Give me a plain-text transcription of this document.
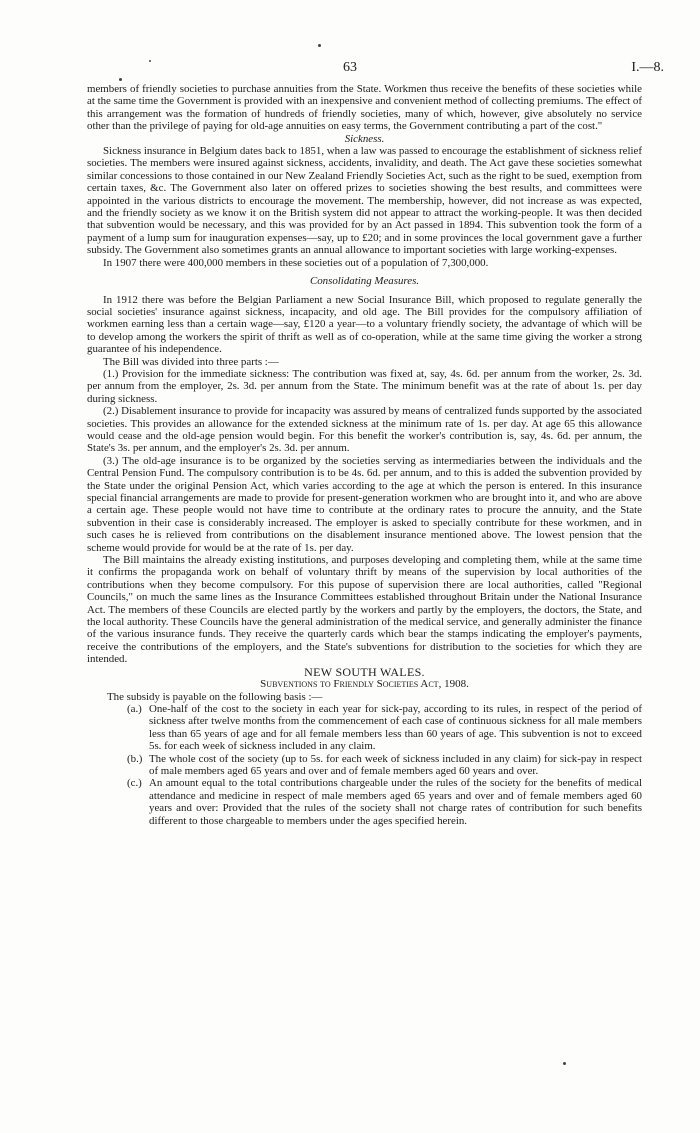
63	I.—8.

members of friendly societies to purchase annuities from the State. Workmen thus receive the benefits of these societies while at the same time the Government is provided with an inexpensive and convenient method of collecting premiums. The effect of this arrangement was the formation of hundreds of friendly societies, many of which, however, give absolutely no service other than the privilege of paying for old-age annuities on easy terms, the Government contributing a part of the cost."

Sickness.

Sickness insurance in Belgium dates back to 1851, when a law was passed to encourage the establishment of sickness relief societies. The members were insured against sickness, accidents, invalidity, and death. The Act gave these societies somewhat similar concessions to those contained in our New Zealand Friendly Societies Act, such as the right to be sued, exemption from certain taxes, &c. The Government also later on offered prizes to societies showing the best results, and committees were appointed in the various districts to encourage the movement. The membership, however, did not increase as was expected, and the friendly society as we know it on the British system did not appear to attract the working-people. It was then decided that subvention would be necessary, and this was provided for by an Act passed in 1894. This subvention took the form of a payment of a lump sum for inauguration expenses—say, up to £20; and in some provinces the local government gave a further subsidy. The Government also sometimes grants an annual allowance to important societies with large working-expenses.

In 1907 there were 400,000 members in these societies out of a population of 7,300,000.

Consolidating Measures.

In 1912 there was before the Belgian Parliament a new Social Insurance Bill, which proposed to regulate generally the social societies' insurance against sickness, incapacity, and old age. The Bill provides for the compulsory affiliation of workmen earning less than a certain wage—say, £120 a year—to a voluntary friendly society, the advantage of which will be to develop among the workers the spirit of thrift as well as of co-operation, while at the same time giving the worker a strong guarantee of his independence.

The Bill was divided into three parts :—

(1.) Provision for the immediate sickness: The contribution was fixed at, say, 4s. 6d. per annum from the worker, 2s. 3d. per annum from the employer, 2s. 3d. per annum from the State. The minimum benefit was at the rate of about 1s. per day during sickness.

(2.) Disablement insurance to provide for incapacity was assured by means of centralized funds supported by the associated societies. This provides an allowance for the extended sickness at the minimum rate of 1s. per day. At age 65 this allowance would cease and the old-age pension would begin. For this benefit the worker's contribution is, say, 4s. 6d. per annum, the State's 3s. per annum, and the employer's 2s. 3d. per annum.

(3.) The old-age insurance is to be organized by the societies serving as intermediaries between the individuals and the Central Pension Fund. The compulsory contribution is to be 4s. 6d. per annum, and to this is added the subvention provided by the State under the original Pension Act, which varies according to the age at which the person is entered. In this insurance special financial arrangements are made to provide for present-generation workmen who are brought into it, and who are above a certain age. These people would not have time to contribute at the ordinary rates to procure the annuity, and the State subvention in their case is considerably increased. The employer is asked to specially contribute for these workmen, and in such cases he is relieved from contributions on the disablement insurance mentioned above. The lowest pension that the scheme would provide for would be at the rate of 1s. per day.

The Bill maintains the already existing institutions, and purposes developing and completing them, while at the same time it confirms the propaganda work on behalf of voluntary thrift by means of the supervision by local authorities of the contributions when they become compulsory. For this pupose of supervision there are local authorities, called "Regional Councils," on much the same lines as the Insurance Committees established throughout Britain under the National Insurance Act. The members of these Councils are elected partly by the workers and partly by the employers, the doctors, the State, and the local authority. These Councils have the general administration of the medical service, and generally administer the finance of the various insurance funds. They receive the quarterly cards which bear the stamps indicating the employer's payments, receive the contributions of the employers, and the State's subventions for distribution to the societies for which they are intended.

NEW SOUTH WALES.

Subventions to Friendly Societies Act, 1908.

The subsidy is payable on the following basis :—

(a.) One-half of the cost to the society in each year for sick-pay, according to its rules, in respect of the period of sickness after twelve months from the commencement of each case of continuous sickness for all male members less than 65 years of age and for all female members less than 60 years of age. This subvention is not to exceed 5s. for each week of sickness included in any claim.
(b.) The whole cost of the society (up to 5s. for each week of sickness included in any claim) for sick-pay in respect of male members aged 65 years and over and of female members aged 60 years and over.
(c.) An amount equal to the total contributions chargeable under the rules of the society for the benefits of medical attendance and medicine in respect of male members aged 65 years and over and of female members aged 60 years and over: Provided that the rules of the society shall not charge rates of contribution for such benefits different to those chargeable to members under the ages specified herein.
